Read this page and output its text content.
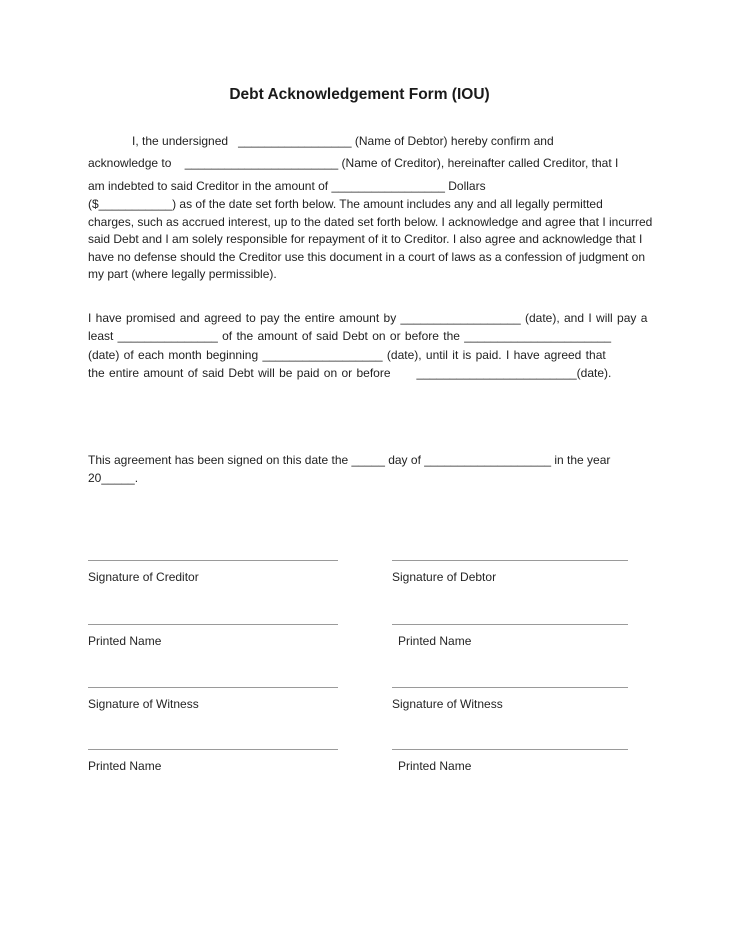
Debt Acknowledgement Form (IOU)
I, the undersigned   _________________ (Name of Debtor) hereby confirm and
acknowledge to    _______________________ (Name of Creditor), hereinafter called Creditor, that I
am indebted to said Creditor in the amount of _________________ Dollars
($___________) as of the date set forth below. The amount includes any and all legally permitted
charges, such as accrued interest, up to the dated set forth below. I acknowledge and agree that I incurred
said Debt and I am solely responsible for repayment of it to Creditor. I also agree and acknowledge that I
have no defense should the Creditor use this document in a court of laws as a confession of judgment on
my part (where legally permissible).
I have promised and agreed to pay the entire amount by __________________ (date), and I will pay a
least _______________ of the amount of said Debt on or before the ______________________
(date) of each month beginning __________________ (date), until it is paid. I have agreed that
the entire amount of said Debt will be paid on or before      ________________________(date).
This agreement has been signed on this date the _____ day of ___________________ in the year
20_____.
Signature of Creditor	Signature of Debtor
Printed Name	Printed Name
Signature of Witness	Signature of Witness
Printed Name	Printed Name
